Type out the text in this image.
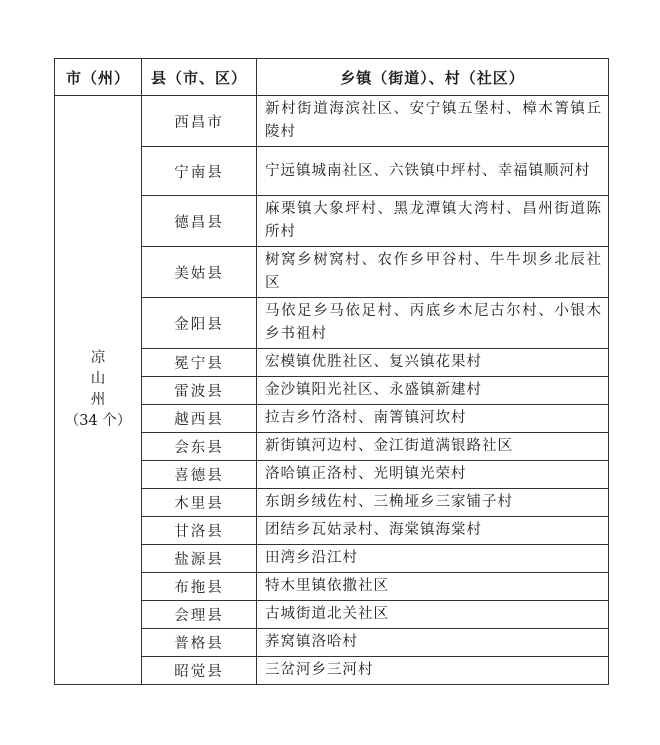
市（州）	县（市、区）	乡镇（街道）、村（社区）

凉
山
州
（34 个）	西昌市	新村街道海滨社区、安宁镇五堡村、樟木箐镇丘陵村
	宁南县	宁远镇城南社区、六铁镇中坪村、幸福镇顺河村
	德昌县	麻栗镇大象坪村、黑龙潭镇大湾村、昌州街道陈所村
	美姑县	树窝乡树窝村、农作乡甲谷村、牛牛坝乡北辰社区
	金阳县	马依足乡马依足村、丙底乡木尼古尔村、小银木乡书祖村
	冕宁县	宏模镇优胜社区、复兴镇花果村
	雷波县	金沙镇阳光社区、永盛镇新建村
	越西县	拉吉乡竹洛村、南箐镇河坎村
	会东县	新街镇河边村、金江街道满银路社区
	喜德县	洛哈镇正洛村、光明镇光荣村
	木里县	东朗乡绒佐村、三桷垭乡三家铺子村
	甘洛县	团结乡瓦姑录村、海棠镇海棠村
	盐源县	田湾乡沿江村
	布拖县	特木里镇依撒社区
	会理县	古城街道北关社区
	普格县	荞窝镇洛哈村
	昭觉县	三岔河乡三河村
